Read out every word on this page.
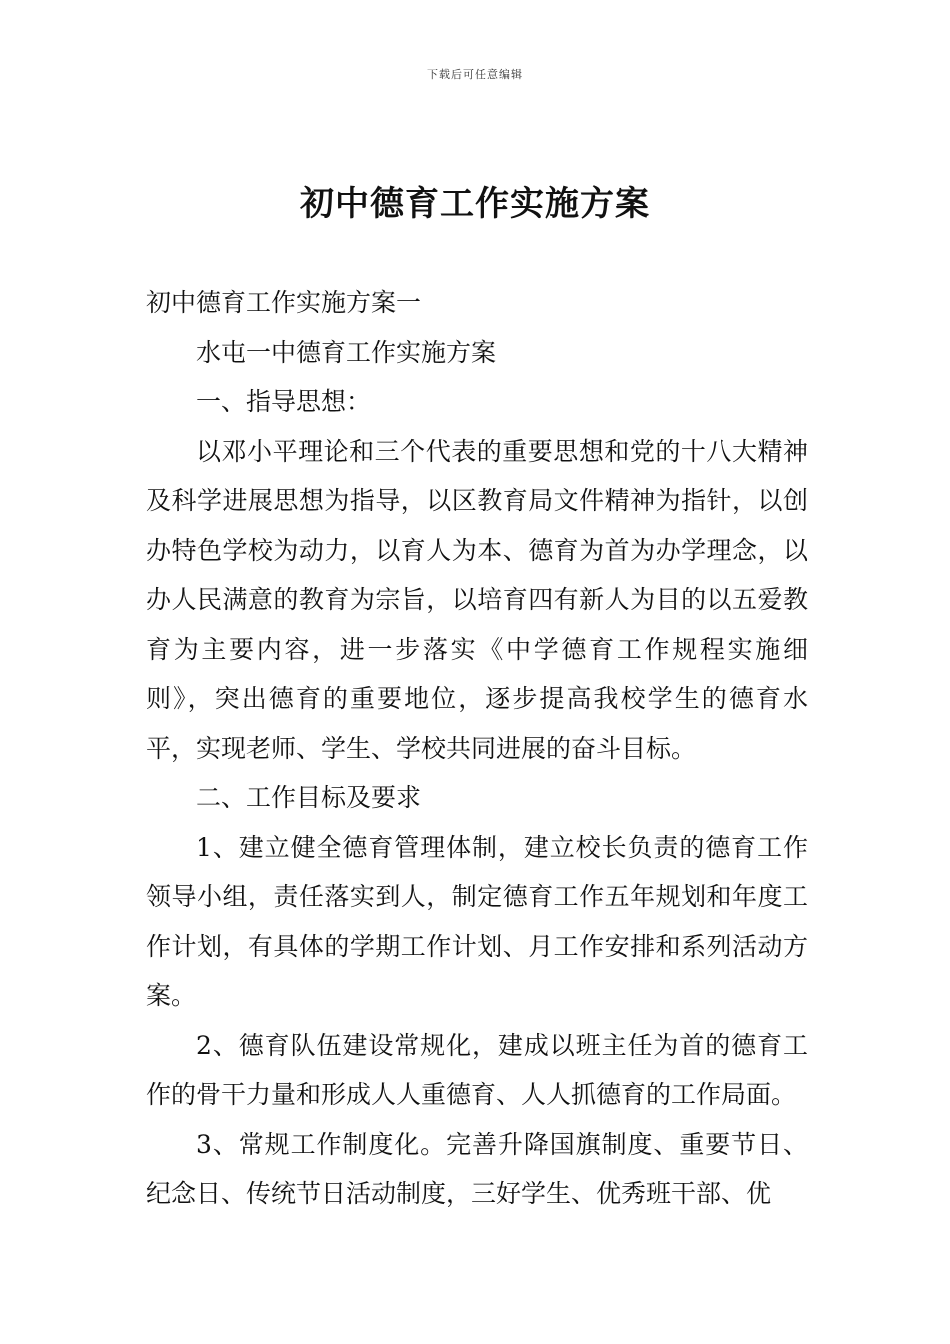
下载后可任意编辑
初中德育工作实施方案

初中德育工作实施方案一

水屯一中德育工作实施方案

一、指导思想：

以邓小平理论和三个代表的重要思想和党的十八大精神及科学进展思想为指导，以区教育局文件精神为指针，以创办特色学校为动力，以育人为本、德育为首为办学理念，以办人民满意的教育为宗旨，以培育四有新人为目的以五爱教育为主要内容，进一步落实《中学德育工作规程实施细则》，突出德育的重要地位，逐步提高我校学生的德育水平，实现老师、学生、学校共同进展的奋斗目标。

二、工作目标及要求

1、建立健全德育管理体制，建立校长负责的德育工作领导小组，责任落实到人，制定德育工作五年规划和年度工作计划，有具体的学期工作计划、月工作安排和系列活动方案。

2、德育队伍建设常规化，建成以班主任为首的德育工作的骨干力量和形成人人重德育、人人抓德育的工作局面。

3、常规工作制度化。完善升降国旗制度、重要节日、纪念日、传统节日活动制度，三好学生、优秀班干部、优
